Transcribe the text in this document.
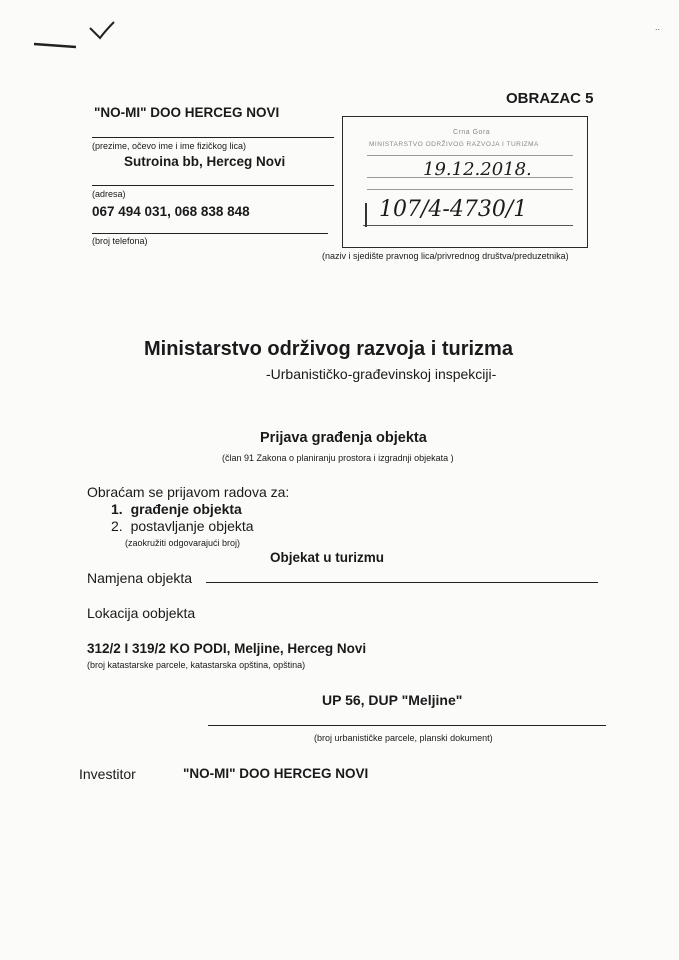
..
OBRAZAC 5
"NO-MI" DOO HERCEG NOVI
(prezime, očevo ime i ime fizičkog lica)
Sutroina bb, Herceg Novi
(adresa)
067 494 031, 068 838 848
(broj telefona)
(naziv i sjedište pravnog lica/privrednog društva/preduzetnika)
Crna Gora
MINISTARSTVO ODRŽIVOG RAZVOJA I TURIZMA
19.12.2018.
107/4-4730/1
Ministarstvo održivog razvoja i turizma
-Urbanističko-građevinskoj inspekciji-
Prijava građenja objekta
(član 91 Zakona o planiranju prostora i izgradnji objekata )
Obraćam se prijavom radova za:
1. građenje objekta
2. postavljanje objekta
(zaokružiti odgovarajući broj)
Objekat u turizmu
Namjena objekta
Lokacija oobjekta
312/2 I 319/2 KO PODI, Meljine, Herceg Novi
(broj katastarske parcele, katastarska opština, opština)
UP 56, DUP "Meljine"
(broj urbanističke parcele, planski dokument)
Investitor	"NO-MI" DOO HERCEG NOVI
